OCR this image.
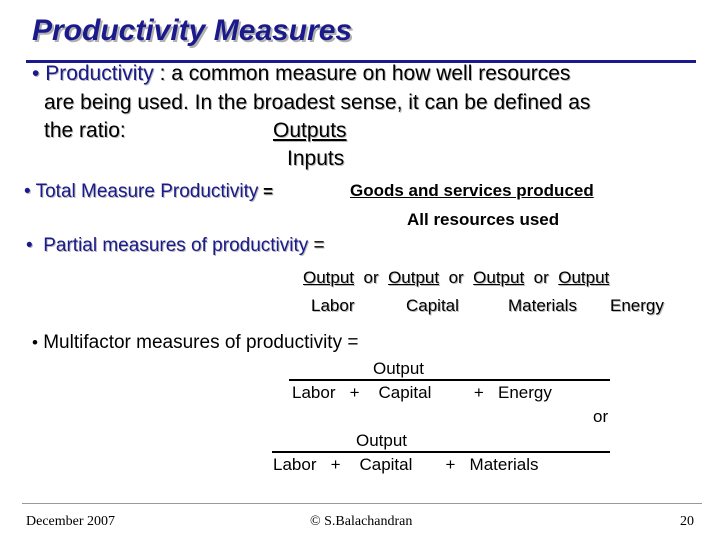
Productivity Measures
• Productivity : a common measure on how well resources
are being used. In the broadest sense, it can be defined as
the ratio:	Outputs
Inputs
• Total Measure Productivity =	Goods and services produced
All resources used
• Partial measures of productivity =
Output or Output or Output or Output
Labor	Capital	Materials Energy
• Multifactor measures of productivity =
Output
Labor   +    Capital         +   Energy
or
Output
Labor   +    Capital       +   Materials
December 2007	© S.Balachandran	20
